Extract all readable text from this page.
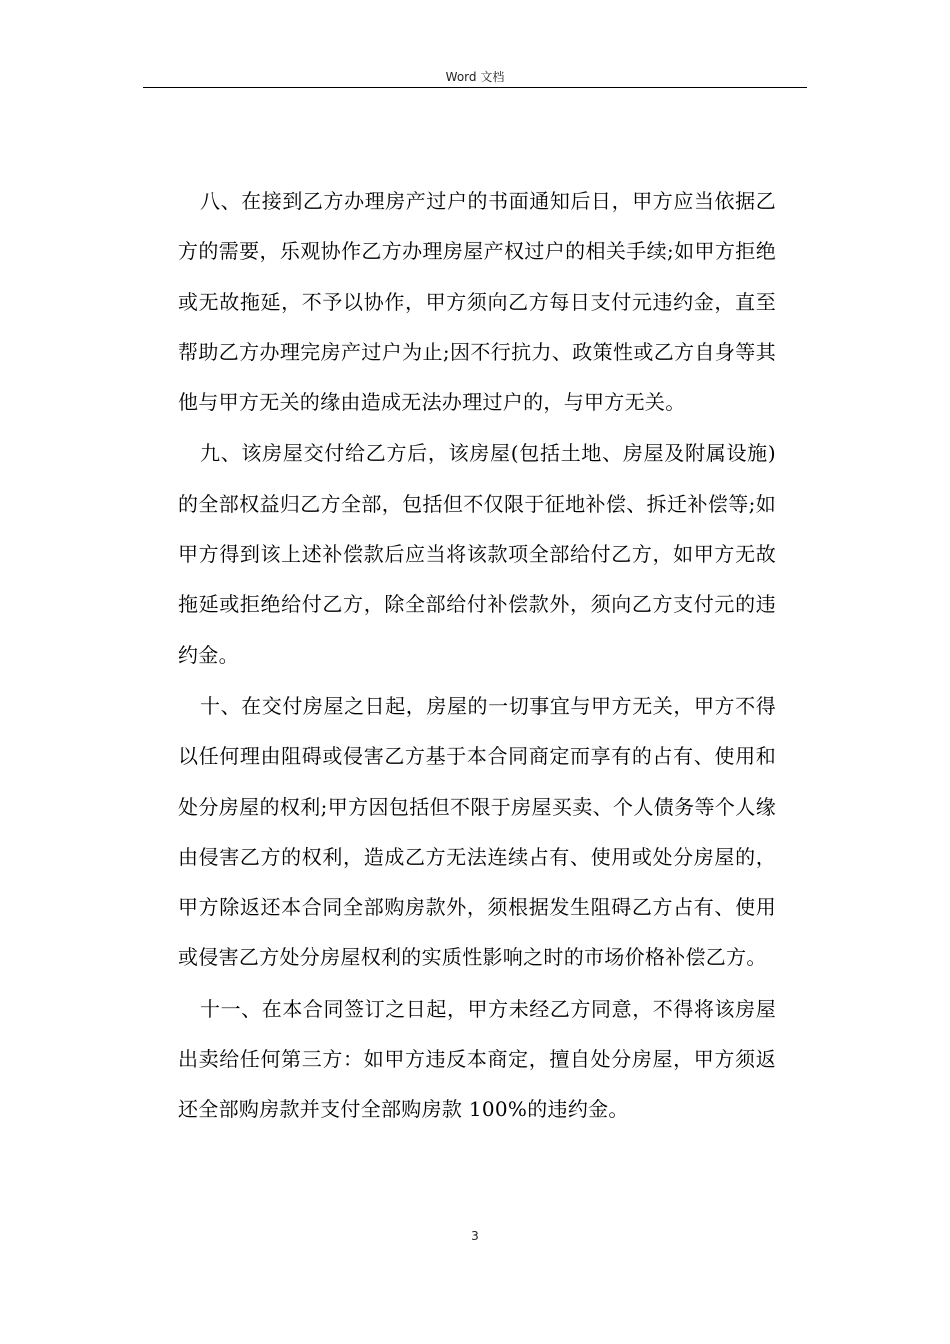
Word 文档

八、在接到乙方办理房产过户的书面通知后日，甲方应当依据乙方的需要，乐观协作乙方办理房屋产权过户的相关手续;如甲方拒绝或无故拖延，不予以协作，甲方须向乙方每日支付元违约金，直至帮助乙方办理完房产过户为止;因不行抗力、政策性或乙方自身等其他与甲方无关的缘由造成无法办理过户的，与甲方无关。

九、该房屋交付给乙方后，该房屋(包括土地、房屋及附属设施)的全部权益归乙方全部，包括但不仅限于征地补偿、拆迁补偿等;如甲方得到该上述补偿款后应当将该款项全部给付乙方，如甲方无故拖延或拒绝给付乙方，除全部给付补偿款外，须向乙方支付元的违约金。

十、在交付房屋之日起，房屋的一切事宜与甲方无关，甲方不得以任何理由阻碍或侵害乙方基于本合同商定而享有的占有、使用和处分房屋的权利;甲方因包括但不限于房屋买卖、个人债务等个人缘由侵害乙方的权利，造成乙方无法连续占有、使用或处分房屋的，甲方除返还本合同全部购房款外，须根据发生阻碍乙方占有、使用或侵害乙方处分房屋权利的实质性影响之时的市场价格补偿乙方。

十一、在本合同签订之日起，甲方未经乙方同意，不得将该房屋出卖给任何第三方：如甲方违反本商定，擅自处分房屋，甲方须返还全部购房款并支付全部购房款 100%的违约金。

3
